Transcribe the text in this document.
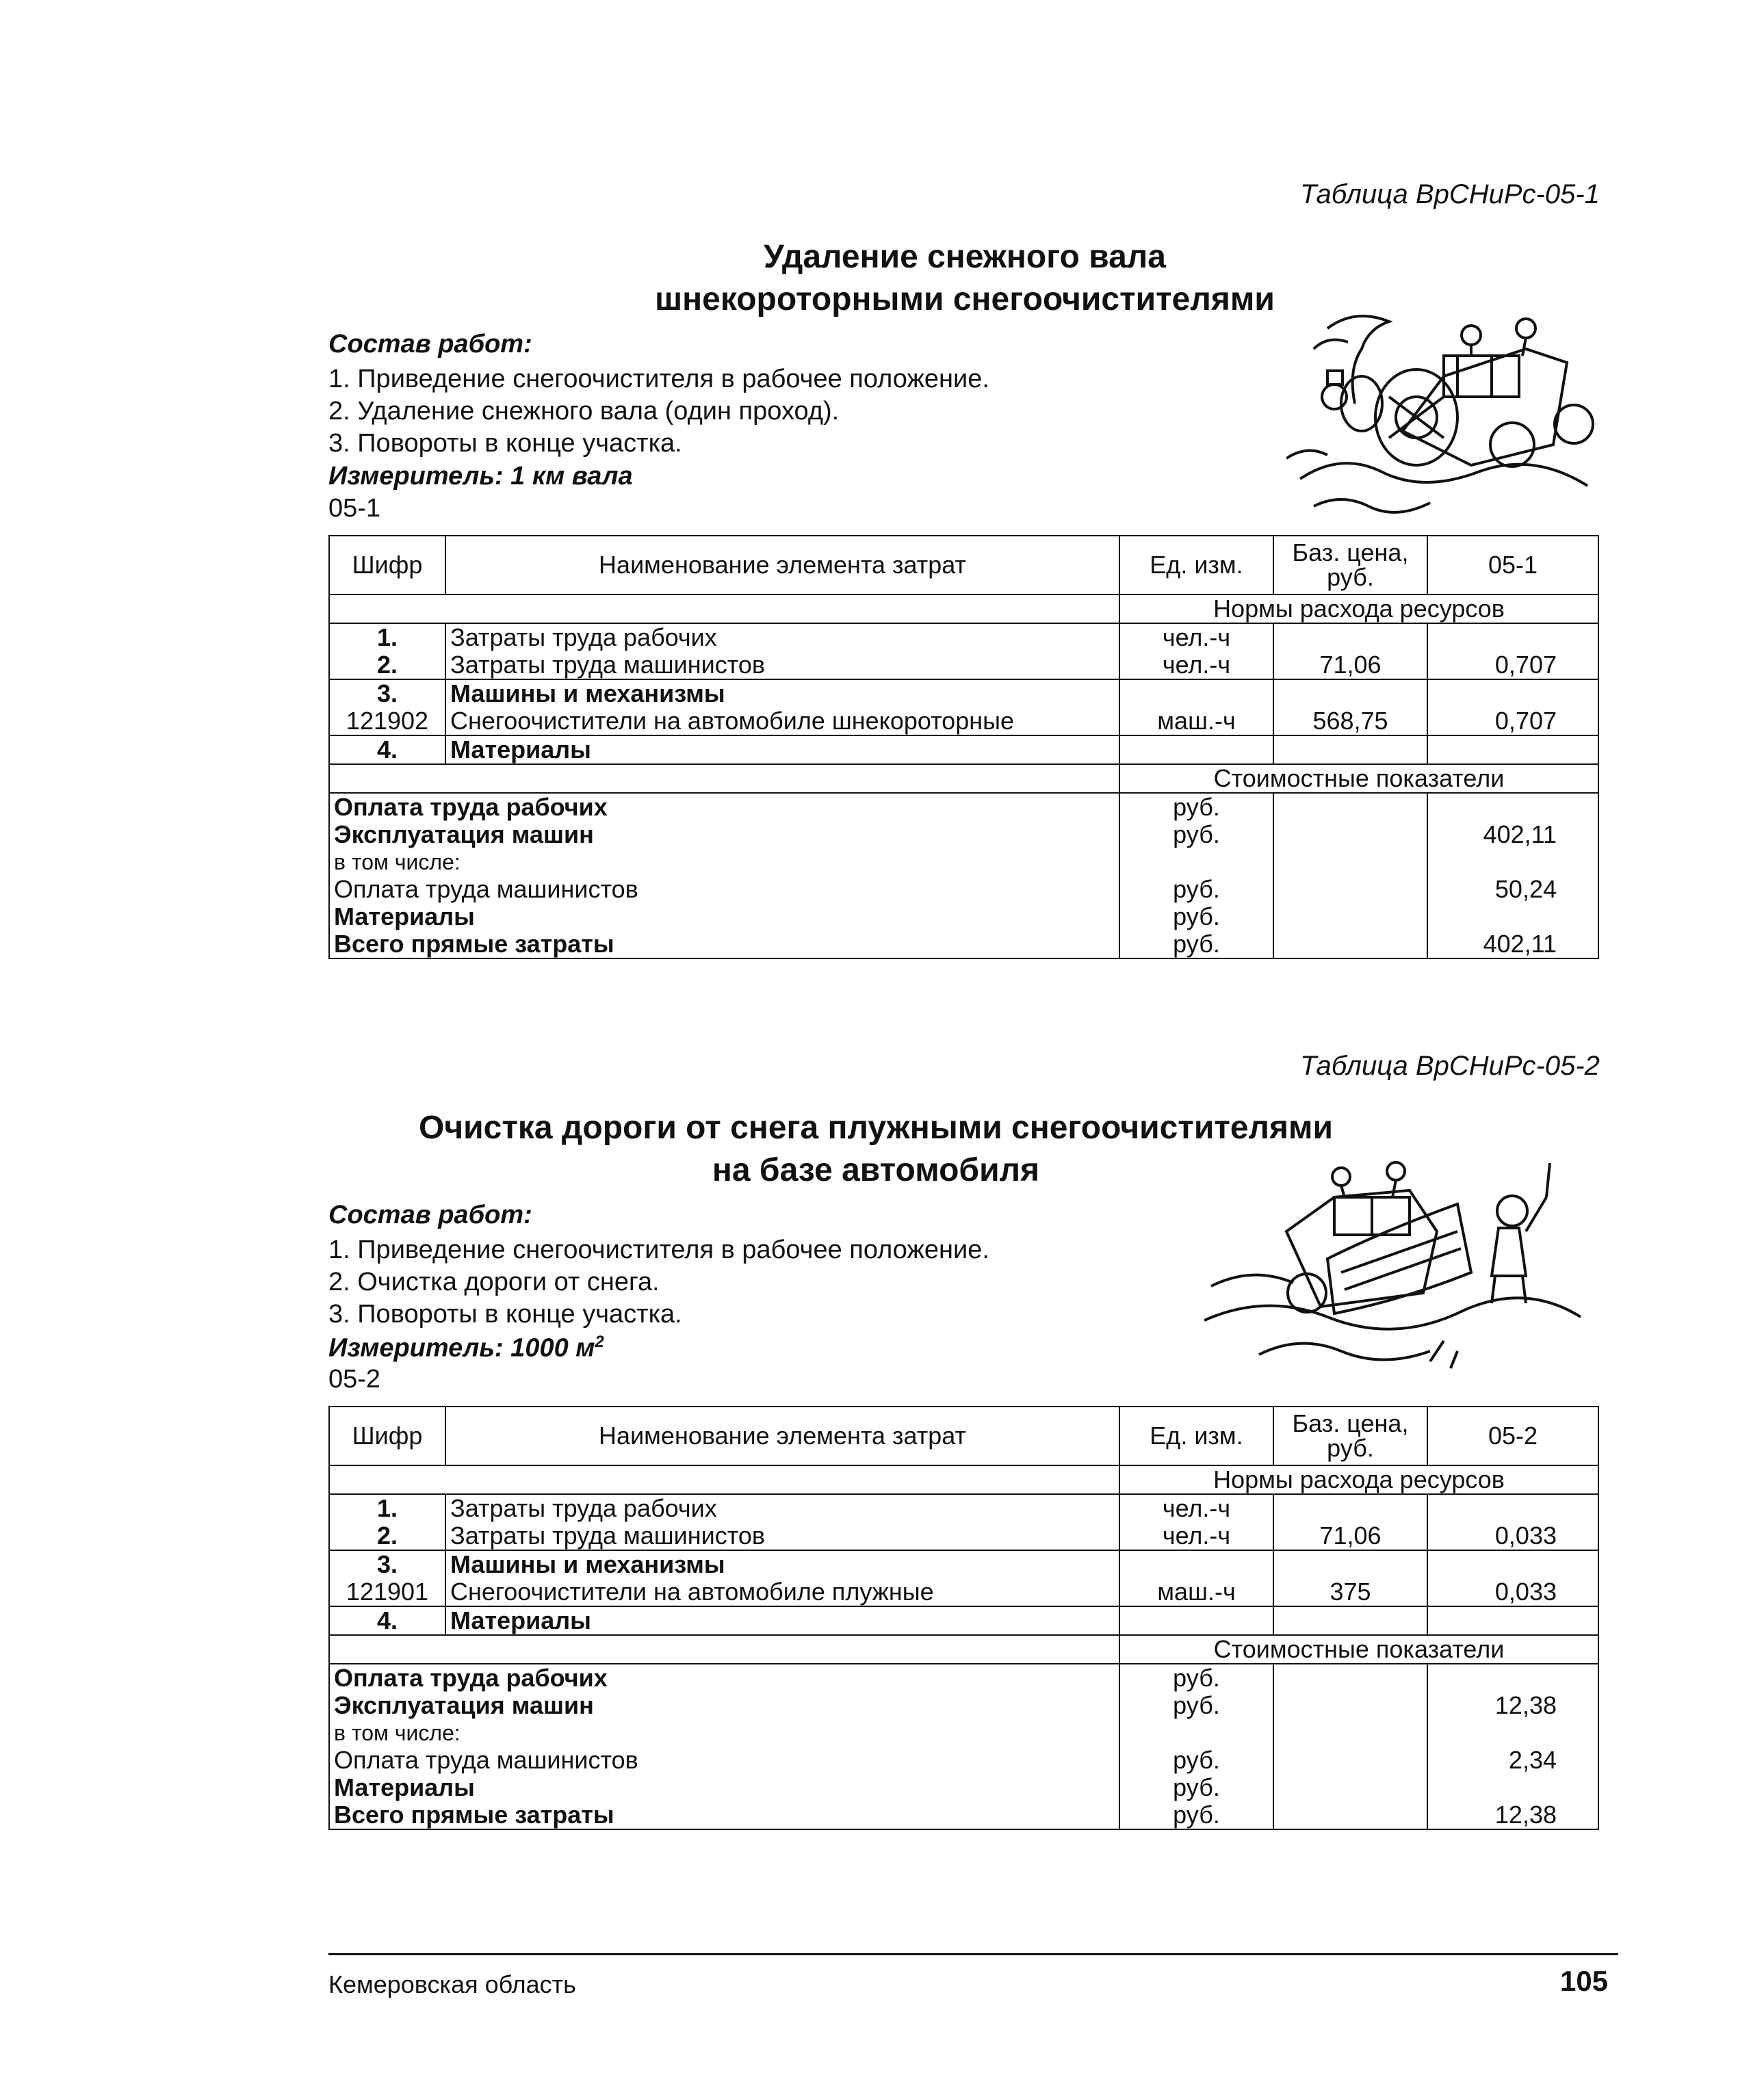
Таблица ВрСНиРс-05-1
Удаление снежного вала
шнекороторными снегоочистителями
Состав работ:
1. Приведение снегоочистителя в рабочее положение.
2. Удаление снежного вала (один проход).
3. Повороты в конце участка.
Измеритель: 1 км вала
05-1
Шифр	Наименование элемента затрат	Ед. изм.	Баз. цена, руб.	05-1
		Нормы расхода ресурсов		
1.	Затраты труда рабочих	чел.-ч		
2.	Затраты труда машинистов	чел.-ч	71,06	0,707
3.	Машины и механизмы			
121902	Снегоочистители на автомобиле шнекороторные	маш.-ч	568,75	0,707
4.	Материалы			
		Стоимостные показатели		
Оплата труда рабочих		руб.		
Эксплуатация машин		руб.		402,11
в том числе:				
Оплата труда машинистов		руб.		50,24
Материалы		руб.		
Всего прямые затраты		руб.		402,11
Таблица ВрСНиРс-05-2
Очистка дороги от снега плужными снегоочистителями
на базе автомобиля
Состав работ:
1. Приведение снегоочистителя в рабочее положение.
2. Очистка дороги от снега.
3. Повороты в конце участка.
Измеритель: 1000 $м^2$
05-2
Шифр	Наименование элемента затрат	Ед. изм.	Баз. цена, руб.	05-2
		Нормы расхода ресурсов		
1.	Затраты труда рабочих	чел.-ч		
2.	Затраты труда машинистов	чел.-ч	71,06	0,033
3.	Машины и механизмы			
121901	Снегоочистители на автомобиле плужные	маш.-ч	375	0,033
4.	Материалы			
		Стоимостные показатели		
Оплата труда рабочих		руб.		
Эксплуатация машин		руб.		12,38
в том числе:				
Оплата труда машинистов		руб.		2,34
Материалы		руб.		
Всего прямые затраты		руб.		12,38
Кемеровская область	105
